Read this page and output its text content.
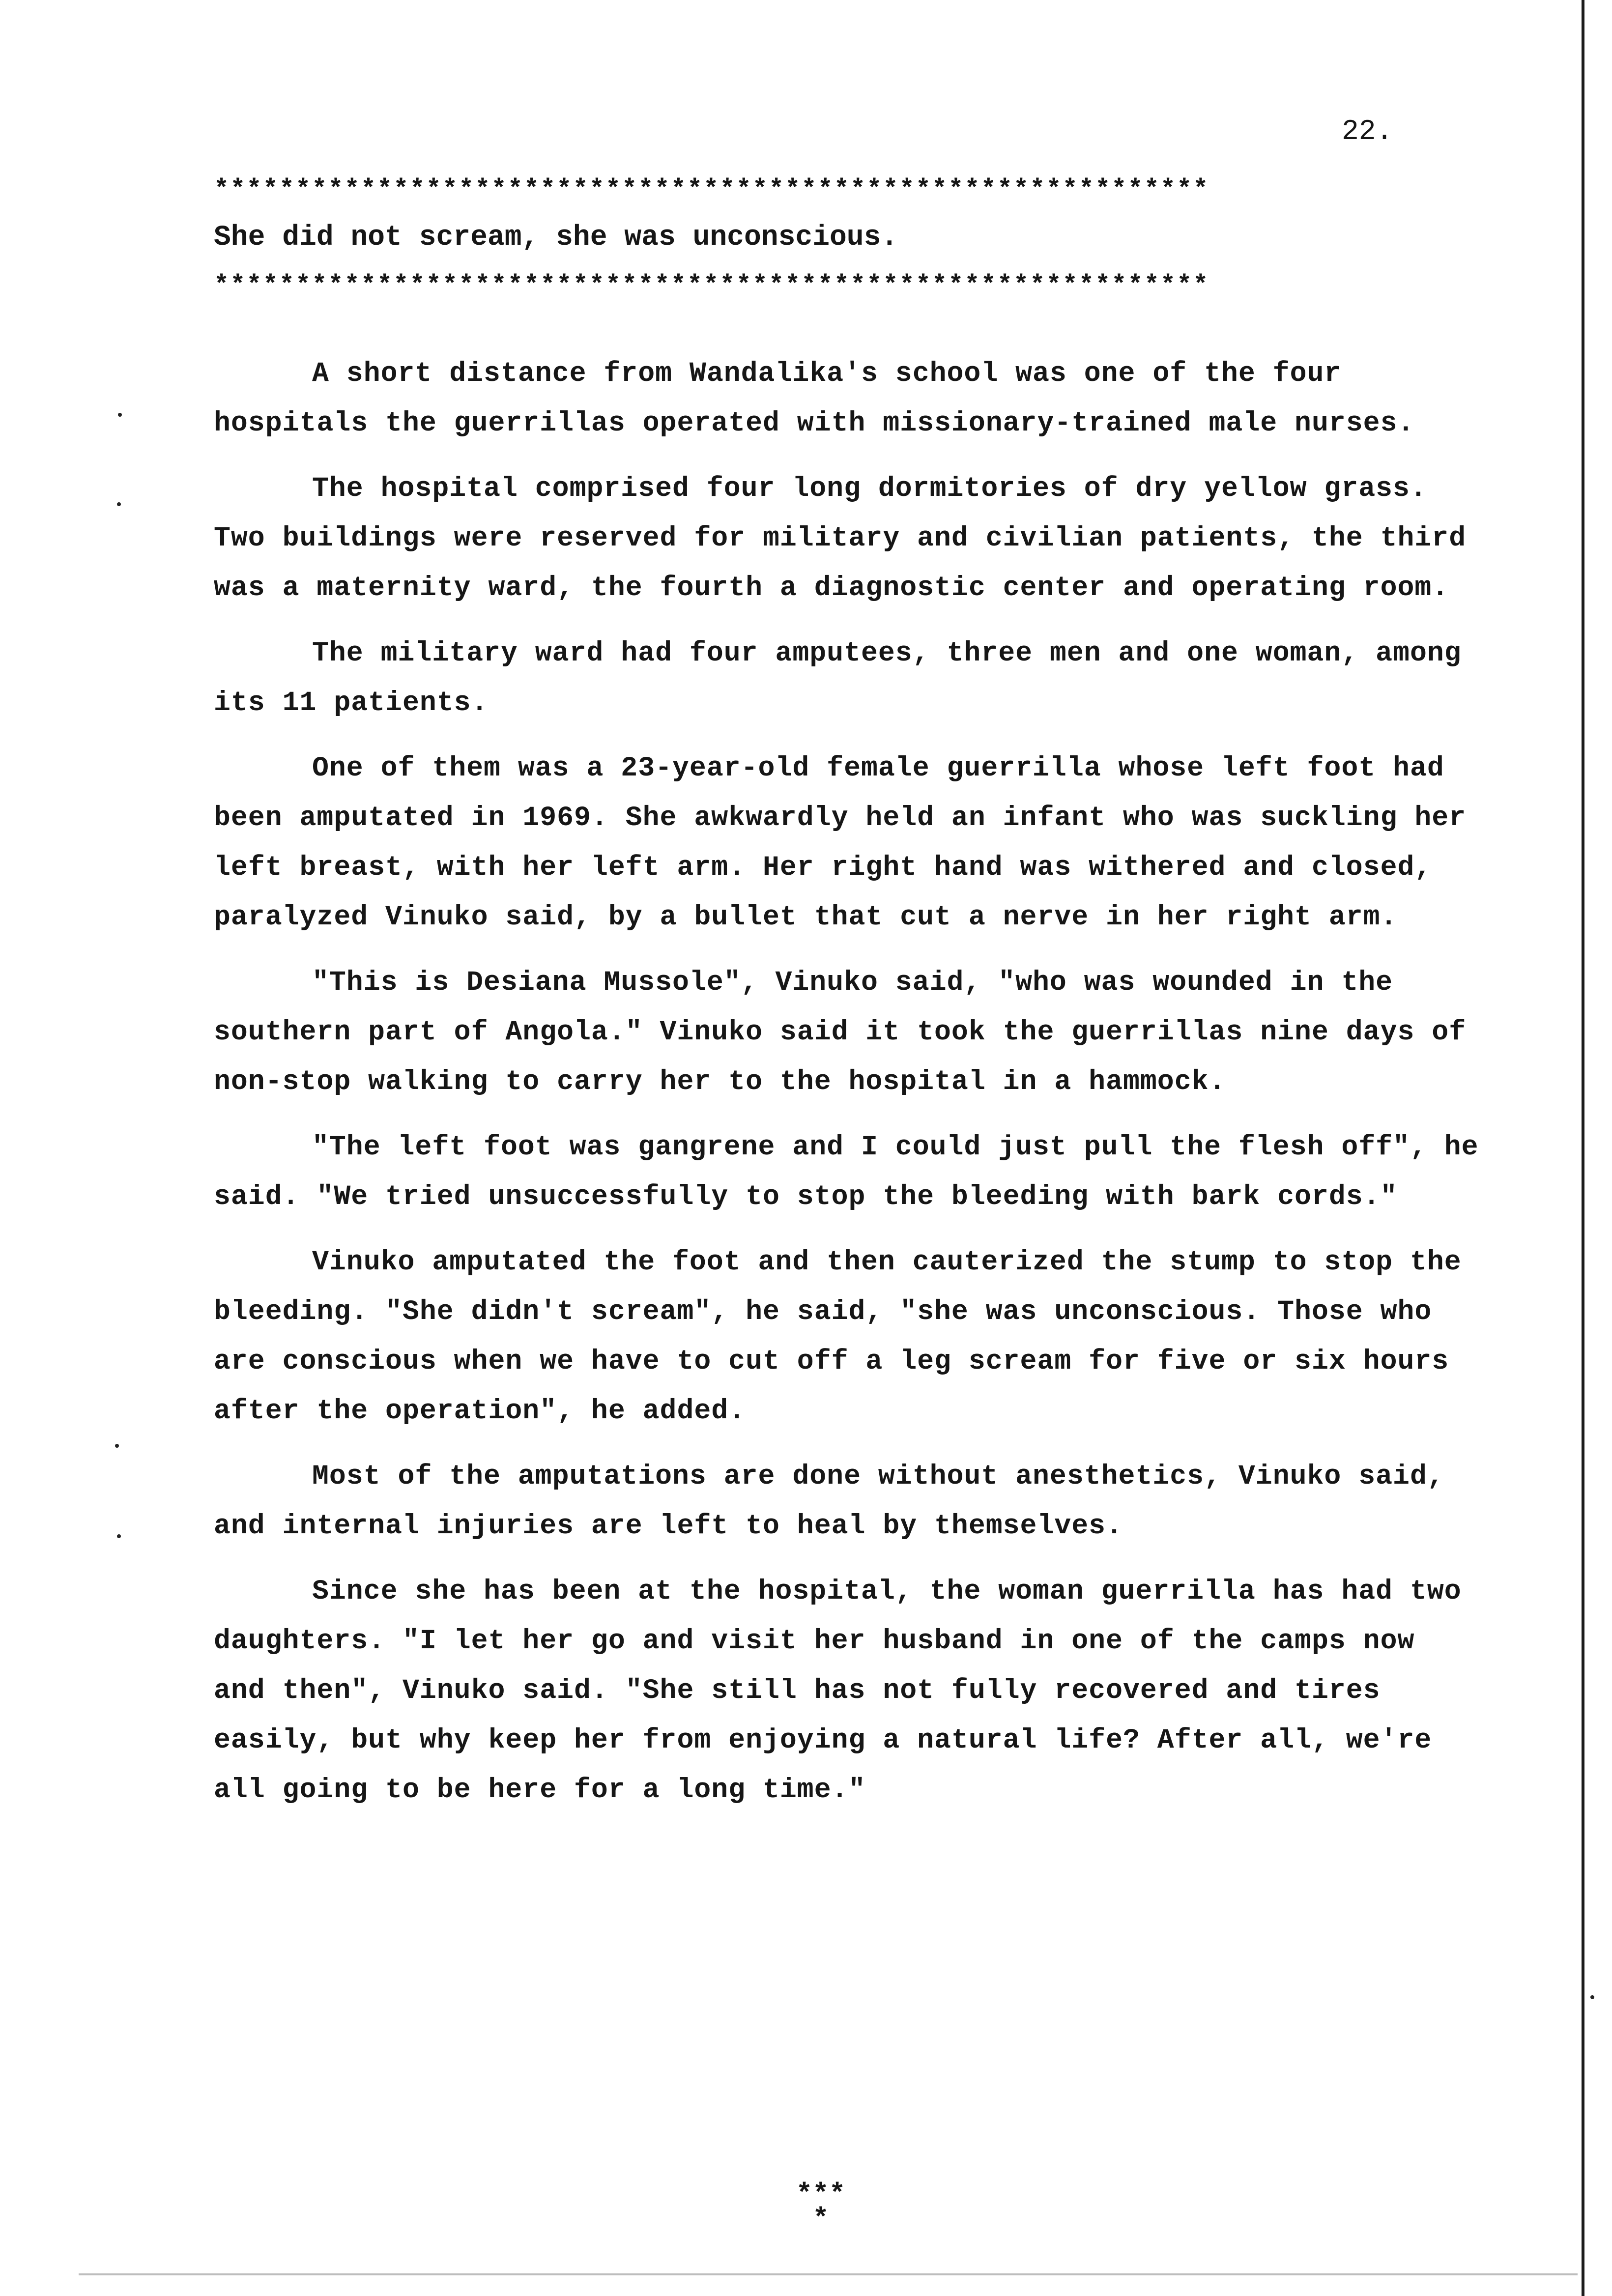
22.
*************************************************************
She did not scream, she was unconscious.
*************************************************************

A short distance from Wandalika's school was one of the four hospitals the guerrillas operated with missionary-trained male nurses.

The hospital comprised four long dormitories of dry yellow grass. Two buildings were reserved for military and civilian patients, the third was a maternity ward, the fourth a diagnostic center and operating room.

The military ward had four amputees, three men and one woman, among its 11 patients.

One of them was a 23-year-old female guerrilla whose left foot had been amputated in 1969. She awkwardly held an infant who was suckling her left breast, with her left arm. Her right hand was withered and closed, paralyzed Vinuko said, by a bullet that cut a nerve in her right arm.

"This is Desiana Mussole", Vinuko said, "who was wounded in the southern part of Angola." Vinuko said it took the guerrillas nine days of non-stop walking to carry her to the hospital in a hammock.

"The left foot was gangrene and I could just pull the flesh off", he said. "We tried unsuccessfully to stop the bleeding with bark cords."

Vinuko amputated the foot and then cauterized the stump to stop the bleeding. "She didn't scream", he said, "she was unconscious. Those who are conscious when we have to cut off a leg scream for five or six hours after the operation", he added.

Most of the amputations are done without anesthetics, Vinuko said, and internal injuries are left to heal by themselves.

Since she has been at the hospital, the woman guerrilla has had two daughters. "I let her go and visit her husband in one of the camps now and then", Vinuko said. "She still has not fully recovered and tires easily, but why keep her from enjoying a natural life? After all, we're all going to be here for a long time."

***
*
